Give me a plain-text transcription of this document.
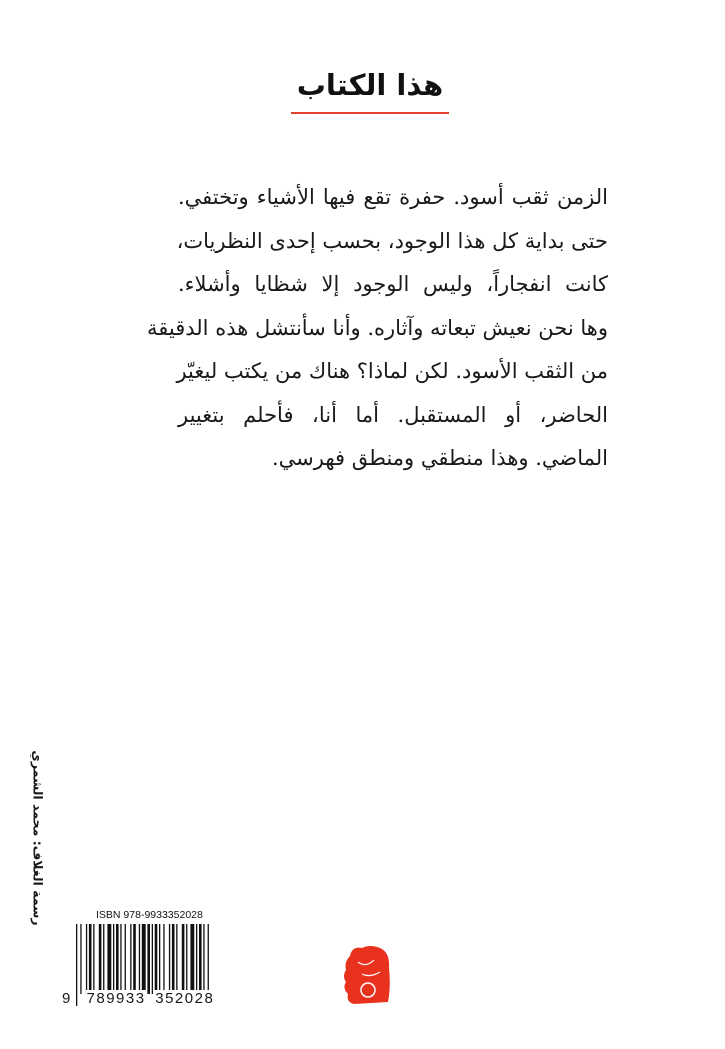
هذا الكتاب
الزمن ثقب أسود. حفرة تقع فيها الأشياء وتختفي.
حتى بداية كل هذا الوجود، بحسب إحدى النظريات،
كانت انفجاراً، وليس الوجود إلا شظايا وأشلاء.
وها نحن نعيش تبعاته وآثاره. وأنا سأنتشل هذه الدقيقة
من الثقب الأسود. لكن لماذا؟ هناك من يكتب ليغيّر
الحاضر، أو المستقبل. أما أنا، فأحلم بتغيير
الماضي. وهذا منطقي ومنطق فهرسي.
رسمة الغلاف: محمد الشمري	ISBN 978-9933352028
9 789933 352028
